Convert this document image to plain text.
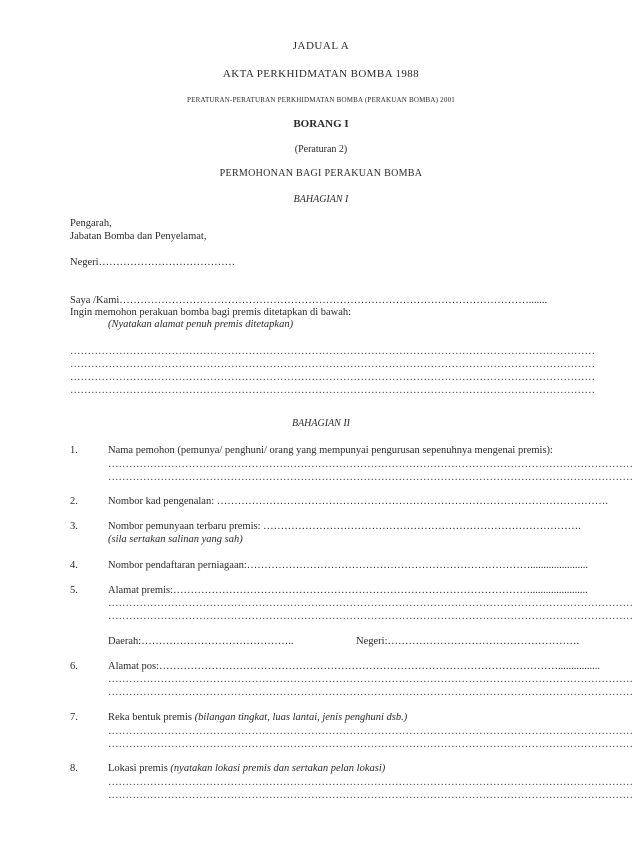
JADUAL A
AKTA PERKHIDMATAN BOMBA 1988
PERATURAN-PERATURAN PERKHIDMATAN BOMBA (PERAKUAN BOMBA) 2001
BORANG I
(Peraturan 2)
PERMOHONAN BAGI PERAKUAN BOMBA
BAHAGIAN I
Pengarah,
Jabatan Bomba dan Penyelamat,
Negeri…………………………………
Saya /Kami……………………………………………………………………………………………………….......
Ingin memohon perakuan bomba bagi premis ditetapkan di bawah:
(Nyatakan alamat penuh premis ditetapkan)
……………………………………………………………………………………………………………………………………
……………………………………………………………………………………………………………………………………
……………………………………………………………………………………………………………………………………
……………………………………………………………………………………………………………………………………
BAHAGIAN II
1.	Nama pemohon (pemunya/ penghuni/ orang yang mempunyai pengurusan sepenuhnya mengenai premis):
……………………………………………………………………………………………………………………………………
……………………………………………………………………………………………………………………………………
2.	Nombor kad pengenalan: ………………………………………………………………………………………………….
3.	Nombor pemunyaan terbaru premis: ……………………………………………………………………………….
(sila sertakan salinan yang sah)
4.	Nombor pendaftaran perniagaan:………………………………………………………………………......................
5.	Alamat premis:…………………………………………………………………………………………......................
……………………………………………………………………………………………………………………………………
……………………………………………………………………………………………………………………………………
Daerah:……………………………………..	Negeri:……………………………………………….
6.	Alamat pos:……………………………………………………………………………………………………................
……………………………………………………………………………………………………………………………………
……………………………………………………………………………………………………………………………………
7.	Reka bentuk premis (bilangan tingkat, luas lantai, jenis penghuni dsb.)
……………………………………………………………………………………………………………………………………
……………………………………………………………………………………………………………………………………
8.	Lokasi premis (nyatakan lokasi premis dan sertakan pelan lokasi)
……………………………………………………………………………………………………………………………………
……………………………………………………………………………………………………………………………………
